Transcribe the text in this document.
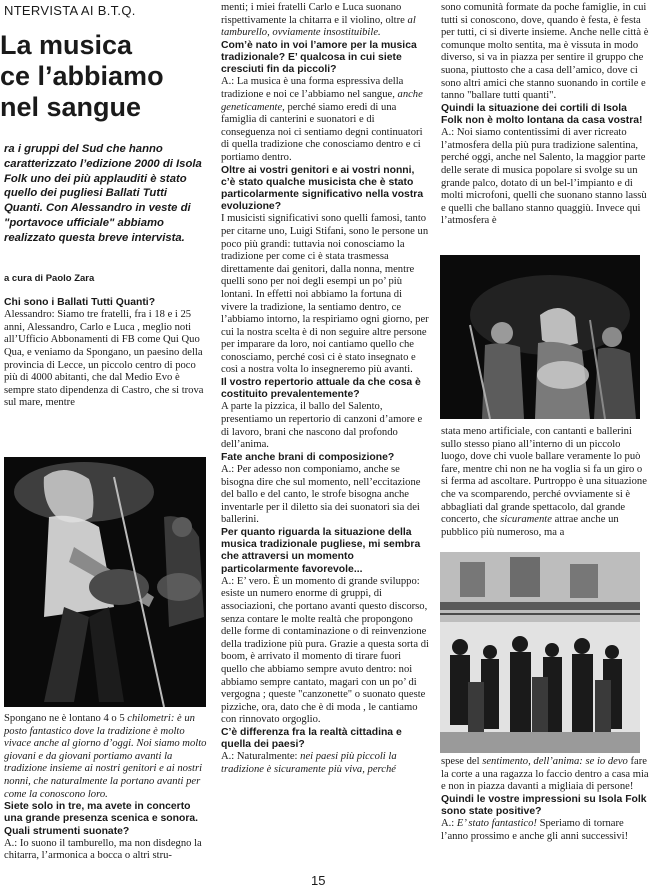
NTERVISTA AI B.T.Q.
La musica
ce l’abbiamo
nel sangue
ra i gruppi del Sud che hanno caratterizzato l’edizione 2000 di Isola Folk uno dei più applauditi è stato quello dei pugliesi Ballati Tutti Quanti. Con Alessandro in veste di "portavoce ufficiale" abbiamo realizzato questa breve intervista.
a cura di Paolo Zara

Chi sono i Ballati Tutti Quanti?

Alessandro: Siamo tre fratelli, fra i 18 e i 25 anni, Alessandro, Carlo e Luca , meglio noti all’Ufficio Abbonamenti di FB come Qui Quo Qua, e veniamo da Spongano, un paesino della provincia di Lecce, un piccolo centro di poco più di 4000 abitanti, che dal Medio Evo è sempre stato dipendenza di Castro, che si trova sul mare, mentre

Spongano ne è lontano 4 o 5 chilometri: è un posto fantastico dove la tradizione è molto vivace anche al giorno d’oggi. Noi siamo molto giovani e da giovani portiamo avanti la tradizione insieme ai nostri genitori e ai nostri nonni, che naturalmente la portano avanti per come la conoscono loro.

Siete solo in tre, ma avete in concerto una grande presenza scenica e sonora. Quali strumenti suonate?

A.: Io suono il tamburello, ma non disdegno la chitarra, l’armonica a bocca o altri stru-

menti; i miei fratelli Carlo e Luca suonano rispettivamente la chitarra e il violino, oltre al tamburello, ovviamente insostituibile.

Com’è nato in voi l’amore per la musica tradizionale? E’ qualcosa in cui siete cresciuti fin da piccoli?

A.: La musica è una forma espressiva della tradizione e noi ce l’abbiamo nel sangue, anche geneticamente, perché siamo eredi di una famiglia di canterini e suonatori e di conseguenza noi ci sentiamo degni continuatori di quella tradizione che conosciamo dentro e ci portiamo dentro.

Oltre ai vostri genitori e ai vostri nonni, c’è stato qualche musicista che è stato particolarmente significativo nella vostra evoluzione?

I musicisti significativi sono quelli famosi, tanto per citarne uno, Luigi Stifani, sono le persone un poco più grandi: tuttavia noi conosciamo la tradizione per come ci è stata trasmessa direttamente dai genitori, dalla nonna, mentre quelli sono per noi degli esempi un po’ più lontani. In effetti noi abbiamo la fortuna di vivere la tradizione, la sentiamo dentro, ce l’abbiamo intorno, la respiriamo ogni giorno, per cui la nostra scelta è di non seguire altre persone per imparare da loro, noi cantiamo quello che conosciamo, perché così ci è stato insegnato e così a nostra volta lo insegneremo più avanti.

Il vostro repertorio attuale da che cosa è costituito prevalentemente?

A parte la pizzica, il ballo del Salento, presentiamo un repertorio di canzoni d’amore e di lavoro, brani che nascono dal profondo dell’anima.

Fate anche brani di composizione?

A.: Per adesso non componiamo, anche se bisogna dire che sul momento, nell’eccitazione del ballo e del canto, le strofe bisogna anche inventarle per il diletto sia dei suonatori sia dei ballerini.

Per quanto riguarda la situazione della musica tradizionale pugliese, mi sembra che attraversi un momento particolarmente favorevole...

A.: E’ vero. È un momento di grande sviluppo: esiste un numero enorme di gruppi, di associazioni, che portano avanti questo discorso, senza contare le molte realtà che propongono delle forme di contaminazione o di reinvenzione della tradizione più pura. Grazie a questa sorta di boom, è arrivato il momento di tirare fuori quello che abbiamo sempre avuto dentro: noi abbiamo sempre cantato, magari con un po’ di vergogna ; queste "canzonette" o suonato queste pizziche, ora, dato che è di moda , le cantiamo con rinnovato orgoglio.

C’è differenza fra la realtà cittadina e quella dei paesi?

A.: Naturalmente: nei paesi più piccoli la tradizione è sicuramente più viva, perché

sono comunità formate da poche famiglie, in cui tutti si conoscono, dove, quando è festa, è festa per tutti, ci si diverte insieme. Anche nelle città è comunque molto sentita, ma è vissuta in modo diverso, si va in piazza per sentire il gruppo che suona, piuttosto che a casa dell’amico, dove ci sono altri amici che stanno suonando in cortile e tanno "ballare tutti quanti".

Quindi la situazione dei cortili di Isola Folk non è molto lontana da casa vostra!

A.: Noi siamo contentissimi di aver ricreato l’atmosfera della più pura tradizione salentina, perché oggi, anche nel Salento, la maggior parte delle serate di musica popolare si svolge su un grande palco, dotato di un bel-l’impianto e di molti microfoni, quelli che suonano stanno lassù e quelli che ballano stanno quaggiù. Invece qui l’atmosfera è

stata meno artificiale, con cantanti e ballerini sullo stesso piano all’interno di un piccolo luogo, dove chi vuole ballare veramente lo può fare, mentre chi non ne ha voglia si fa un giro o si ferma ad ascoltare. Purtroppo è una situazione che va scomparendo, perché ovviamente si è abbagliati dal grande spettacolo, dal grande concerto, che sicuramente attrae anche un pubblico più numeroso, ma a

spese del sentimento, dell’anima: se io devo fare la corte a una ragazza lo faccio dentro a casa mia e non in piazza davanti a migliaia di persone!

Quindi le vostre impressioni su Isola Folk sono state positive?

A.: E’ stato fantastico! Speriamo di tornare l’anno prossimo e anche gli anni successivi!

15
